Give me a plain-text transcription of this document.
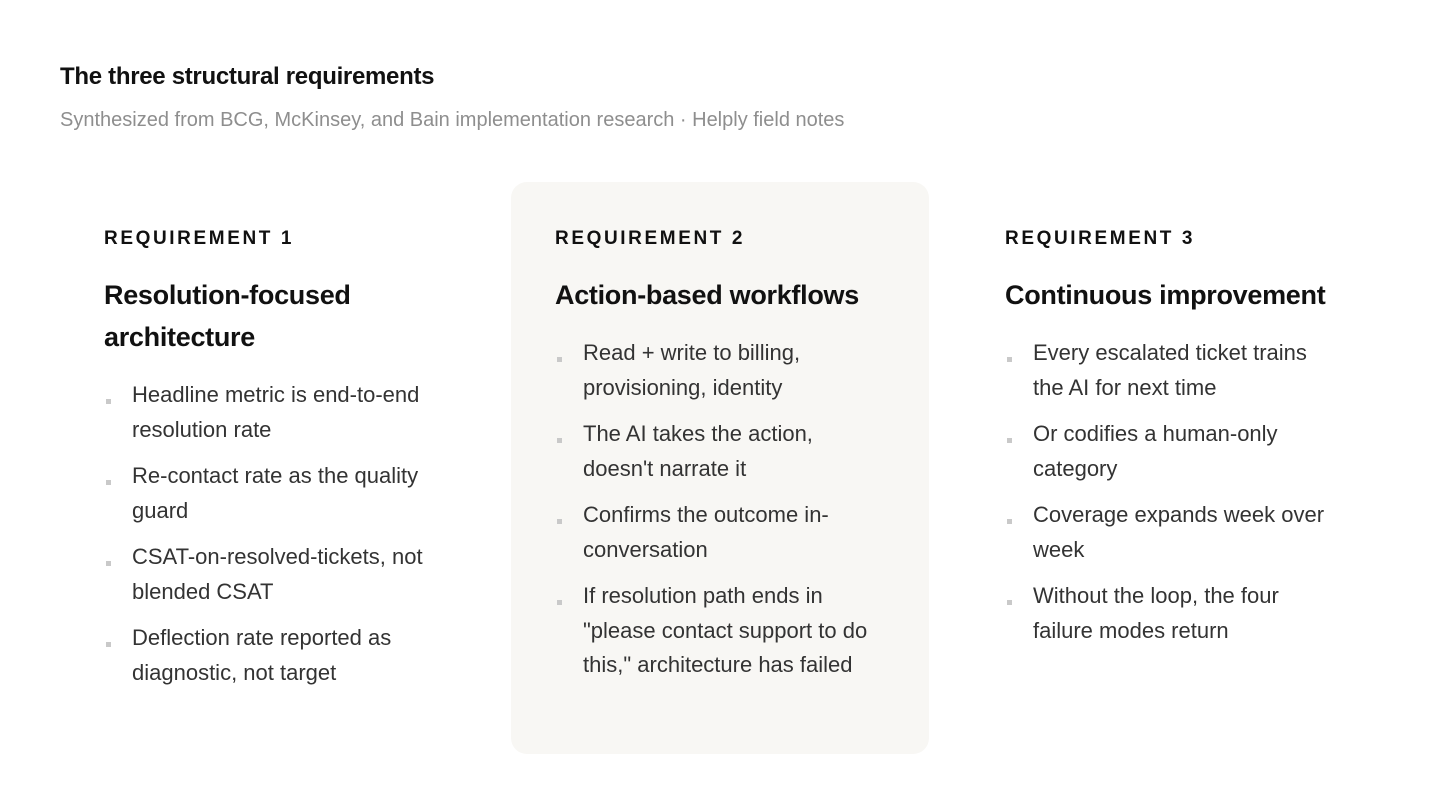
The three structural requirements
Synthesized from BCG, McKinsey, and Bain implementation research · Helply field notes
REQUIREMENT 1
Resolution-focused architecture
Headline metric is end-to-end resolution rate
Re-contact rate as the quality guard
CSAT-on-resolved-tickets, not blended CSAT
Deflection rate reported as diagnostic, not target
REQUIREMENT 2
Action-based workflows
Read + write to billing, provisioning, identity
The AI takes the action, doesn't narrate it
Confirms the outcome in-conversation
If resolution path ends in "please contact support to do this," architecture has failed
REQUIREMENT 3
Continuous improvement
Every escalated ticket trains the AI for next time
Or codifies a human-only category
Coverage expands week over week
Without the loop, the four failure modes return
